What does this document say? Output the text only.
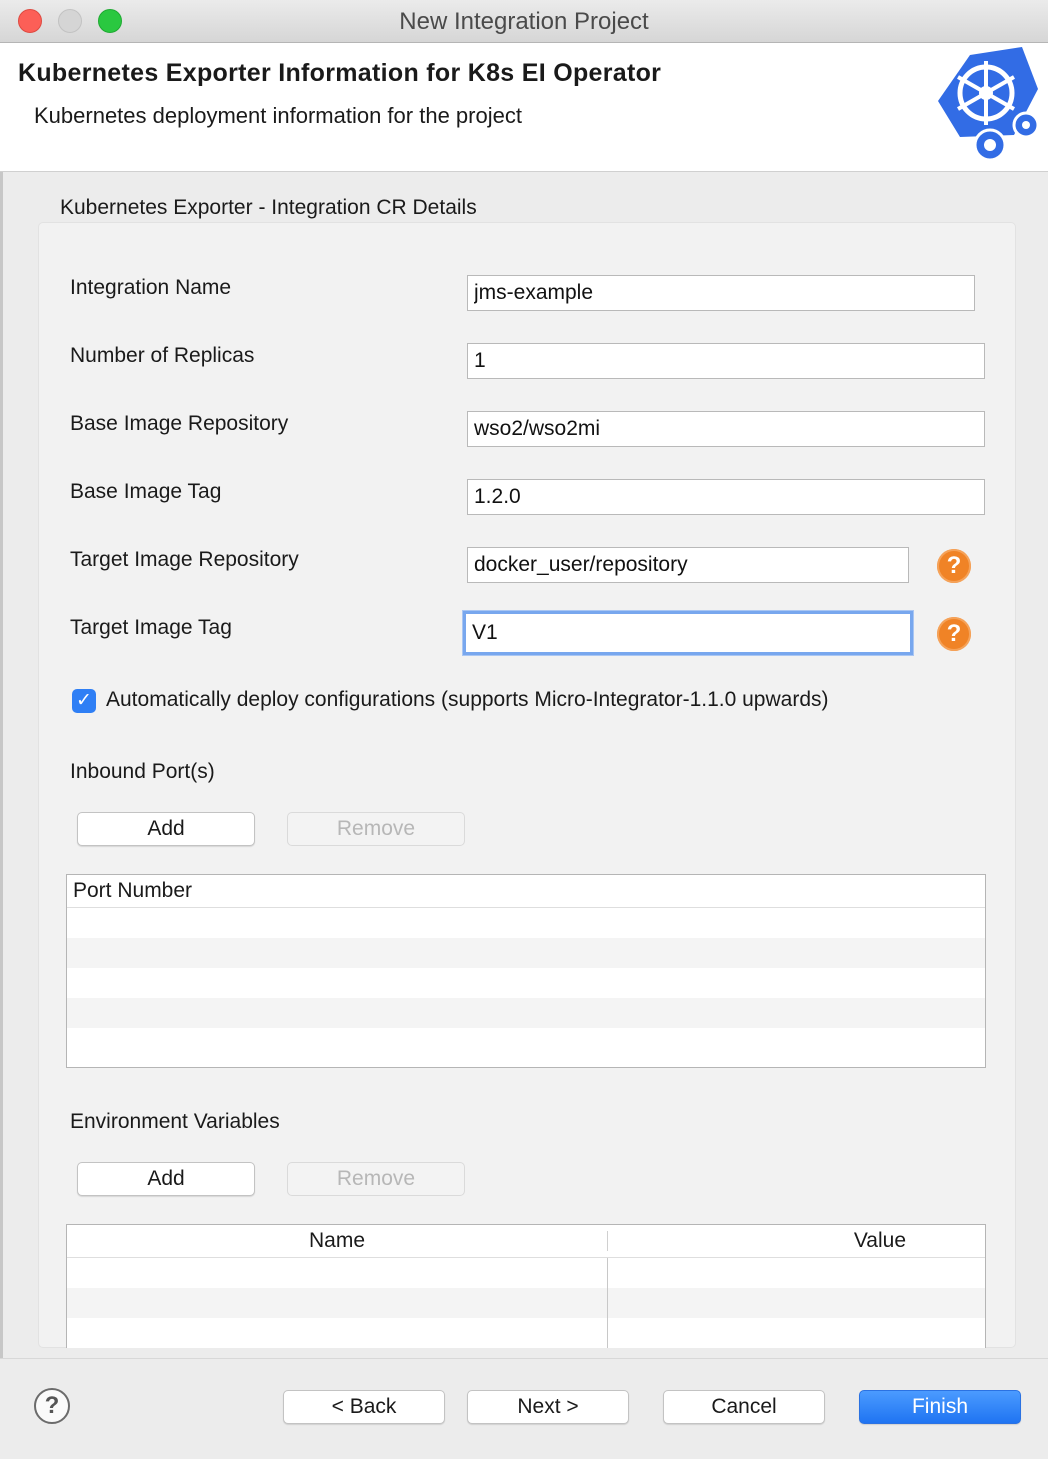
New Integration Project
Kubernetes Exporter Information for K8s EI Operator
Kubernetes deployment information for the project
Kubernetes Exporter - Integration CR Details
Integration Name
jms-example
Number of Replicas
1
Base Image Repository
wso2/wso2mi
Base Image Tag
1.2.0
Target Image Repository
docker_user/repository	?
Target Image Tag
V1	?
✓ Automatically deploy configurations (supports Micro-Integrator-1.1.0 upwards)
Inbound Port(s)
Add	Remove
Port Number
Environment Variables
Add	Remove
Name	Value
?	< Back	Next >	Cancel	Finish
